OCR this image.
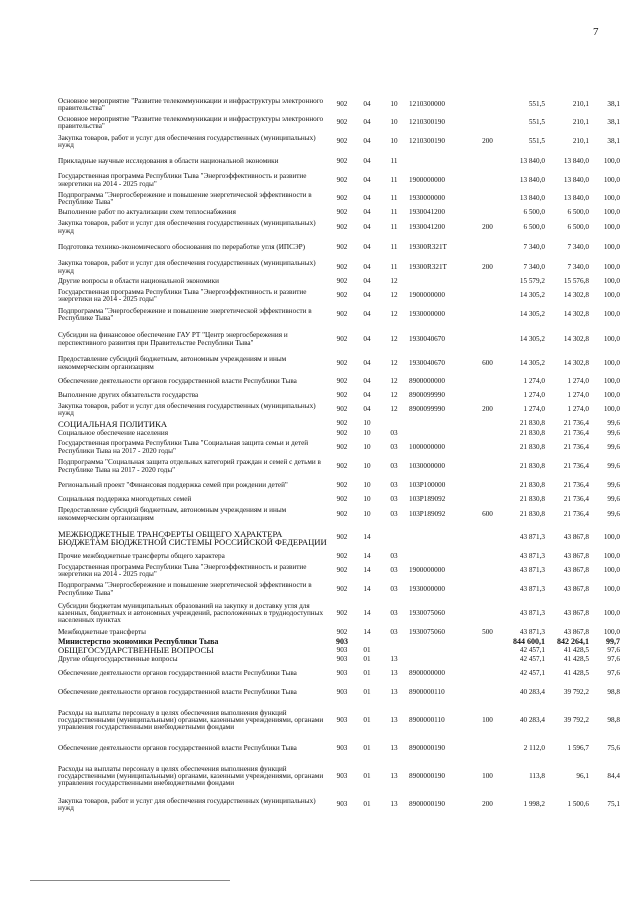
7
Основное мероприятие "Развитие телекоммуникации и инфраструктуры электронного правительства"	902	04	10	1210300000		551,5	210,1	38,1
Основное мероприятие "Развитие телекоммуникации и инфраструктуры электронного правительства"	902	04	10	1210300190		551,5	210,1	38,1
Закупка товаров, работ и услуг для обеспечения государственных (муниципальных) нужд	902	04	10	1210300190	200	551,5	210,1	38,1
Прикладные научные исследования в области национальной экономики	902	04	11			13 840,0	13 840,0	100,0
Государственная программа Республики Тыва "Энергоэффективность и развитие энергетики на 2014 - 2025 годы"	902	04	11	1900000000		13 840,0	13 840,0	100,0
Подпрограмма "Энергосбережение и повышение энергетической эффективности в Республике Тыва"	902	04	11	1930000000		13 840,0	13 840,0	100,0
Выполнение работ по актуализации схем теплоснабжения	902	04	11	1930041200		6 500,0	6 500,0	100,0
Закупка товаров, работ и услуг для обеспечения государственных (муниципальных) нужд	902	04	11	1930041200	200	6 500,0	6 500,0	100,0
Подготовка технико-экономического обоснования по переработке угля (ИПСЭР)	902	04	11	19300R321T		7 340,0	7 340,0	100,0
Закупка товаров, работ и услуг для обеспечения государственных (муниципальных) нужд	902	04	11	19300R321T	200	7 340,0	7 340,0	100,0
Другие вопросы в области национальной экономики	902	04	12			15 579,2	15 576,8	100,0
Государственная программа Республики Тыва "Энергоэффективность и развитие энергетики на 2014 - 2025 годы"	902	04	12	1900000000		14 305,2	14 302,8	100,0
Подпрограмма "Энергосбережение и повышение энергетической эффективности в Республике Тыва"	902	04	12	1930000000		14 305,2	14 302,8	100,0
Субсидии на финансовое обеспечение ГАУ РТ "Центр энергосбережения и перспективного развития при Правительстве Республики Тыва"	902	04	12	1930040670		14 305,2	14 302,8	100,0
Предоставление субсидий бюджетным, автономным учреждениям и иным некоммерческим организациям	902	04	12	1930040670	600	14 305,2	14 302,8	100,0
Обеспечение деятельности органов государственной власти Республики Тыва	902	04	12	8900000000		1 274,0	1 274,0	100,0
Выполнение других обязательств государства	902	04	12	8900099990		1 274,0	1 274,0	100,0
Закупка товаров, работ и услуг для обеспечения государственных (муниципальных) нужд	902	04	12	8900099990	200	1 274,0	1 274,0	100,0
СОЦИАЛЬНАЯ ПОЛИТИКА	902	10				21 830,8	21 736,4	99,6
Социальное обеспечение населения	902	10	03			21 830,8	21 736,4	99,6
Государственная программа Республики Тыва "Социальная защита семьи и детей Республики Тыва на 2017 - 2020 годы"	902	10	03	1000000000		21 830,8	21 736,4	99,6
Подпрограмма "Социальная защита отдельных категорий граждан и семей с детьми в Республике Тыва на 2017 - 2020 годы"	902	10	03	1030000000		21 830,8	21 736,4	99,6
Региональный проект "Финансовая поддержка семей при рождении детей"	902	10	03	103P100000		21 830,8	21 736,4	99,6
Социальная поддержка многодетных семей	902	10	03	103P189092		21 830,8	21 736,4	99,6
Предоставление субсидий бюджетным, автономным учреждениям и иным некоммерческим организациям	902	10	03	103P189092	600	21 830,8	21 736,4	99,6
МЕЖБЮДЖЕТНЫЕ ТРАНСФЕРТЫ ОБЩЕГО ХАРАКТЕРА БЮДЖЕТАМ БЮДЖЕТНОЙ СИСТЕМЫ РОССИЙСКОЙ ФЕДЕРАЦИИ	902	14				43 871,3	43 867,8	100,0
Прочие межбюджетные трансферты общего характера	902	14	03			43 871,3	43 867,8	100,0
Государственная программа Республики Тыва "Энергоэффективность и развитие энергетики на 2014 - 2025 годы"	902	14	03	1900000000		43 871,3	43 867,8	100,0
Подпрограмма "Энергосбережение и повышение энергетической эффективности в Республике Тыва"	902	14	03	1930000000		43 871,3	43 867,8	100,0
Субсидии бюджетам муниципальных образований на закупку и доставку угля для казенных, бюджетных и автономных учреждений, расположенных в труднодоступных населенных пунктах	902	14	03	1930075060		43 871,3	43 867,8	100,0
Межбюджетные трансферты	902	14	03	1930075060	500	43 871,3	43 867,8	100,0
Министерство экономики Республики Тыва	903					844 600,1	842 264,1	99,7
ОБЩЕГОСУДАРСТВЕННЫЕ ВОПРОСЫ	903	01				42 457,1	41 428,5	97,6
Другие общегосударственные вопросы	903	01	13			42 457,1	41 428,5	97,6
Обеспечение деятельности органов государственной власти Республики Тыва	903	01	13	8900000000		42 457,1	41 428,5	97,6
Обеспечение деятельности органов государственной власти Республики Тыва	903	01	13	8900000110		40 283,4	39 792,2	98,8
Расходы на выплаты персоналу в целях обеспечения выполнения функций государственными (муниципальными) органами, казенными учреждениями, органами управления государственными внебюджетными фондами	903	01	13	8900000110	100	40 283,4	39 792,2	98,8
Обеспечение деятельности органов государственной власти Республики Тыва	903	01	13	8900000190		2 112,0	1 596,7	75,6
Расходы на выплаты персоналу в целях обеспечения выполнения функций государственными (муниципальными) органами, казенными учреждениями, органами управления государственными внебюджетными фондами	903	01	13	8900000190	100	113,8	96,1	84,4
Закупка товаров, работ и услуг для обеспечения государственных (муниципальных) нужд	903	01	13	8900000190	200	1 998,2	1 500,6	75,1
